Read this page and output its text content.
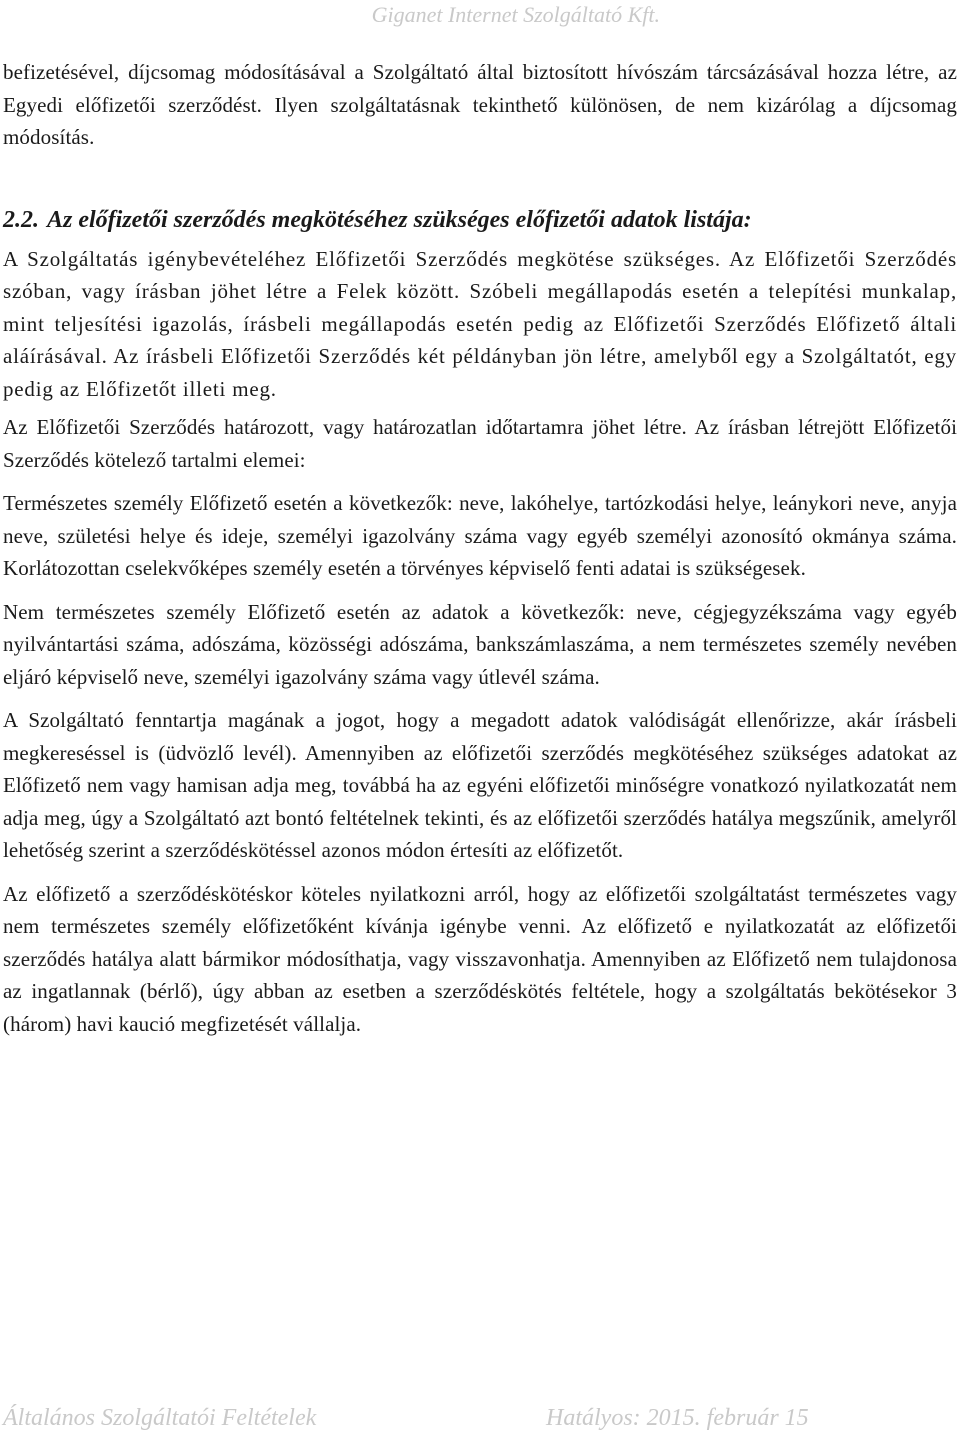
Giganet Internet Szolgáltató Kft.

befizetésével, díjcsomag módosításával a Szolgáltató által biztosított hívószám tárcsázásával hozza létre, az Egyedi előfizetői szerződést. Ilyen szolgáltatásnak tekinthető különösen, de nem kizárólag a díjcsomag módosítás.

2.2. Az előfizetői szerződés megkötéséhez szükséges előfizetői adatok listája:

A Szolgáltatás igénybevételéhez Előfizetői Szerződés megkötése szükséges. Az Előfizetői Szerződés szóban, vagy írásban jöhet létre a Felek között. Szóbeli megállapodás esetén a telepítési munkalap, mint teljesítési igazolás, írásbeli megállapodás esetén pedig az Előfizetői Szerződés Előfizető általi aláírásával. Az írásbeli Előfizetői Szerződés két példányban jön létre, amelyből egy a Szolgáltatót, egy pedig az Előfizetőt illeti meg.

Az Előfizetői Szerződés határozott, vagy határozatlan időtartamra jöhet létre. Az írásban létrejött Előfizetői Szerződés kötelező tartalmi elemei:

Természetes személy Előfizető esetén a következők: neve, lakóhelye, tartózkodási helye, leánykori neve, anyja neve, születési helye és ideje, személyi igazolvány száma vagy egyéb személyi azonosító okmánya száma. Korlátozottan cselekvőképes személy esetén a törvényes képviselő fenti adatai is szükségesek.

Nem természetes személy Előfizető esetén az adatok a következők: neve, cégjegyzékszáma vagy egyéb nyilvántartási száma, adószáma, közösségi adószáma, bankszámlaszáma, a nem természetes személy nevében eljáró képviselő neve, személyi igazolvány száma vagy útlevél száma.

A Szolgáltató fenntartja magának a jogot, hogy a megadott adatok valódiságát ellenőrizze, akár írásbeli megkereséssel is (üdvözlő levél). Amennyiben az előfizetői szerződés megkötéséhez szükséges adatokat az Előfizető nem vagy hamisan adja meg, továbbá ha az egyéni előfizetői minőségre vonatkozó nyilatkozatát nem adja meg, úgy a Szolgáltató azt bontó feltételnek tekinti, és az előfizetői szerződés hatálya megszűnik, amelyről lehetőség szerint a szerződéskötéssel azonos módon értesíti az előfizetőt.

Az előfizető a szerződéskötéskor köteles nyilatkozni arról, hogy az előfizetői szolgáltatást természetes vagy nem természetes személy előfizetőként kívánja igénybe venni. Az előfizető e nyilatkozatát az előfizetői szerződés hatálya alatt bármikor módosíthatja, vagy visszavonhatja. Amennyiben az Előfizető nem tulajdonosa az ingatlannak (bérlő), úgy abban az esetben a szerződéskötés feltétele, hogy a szolgáltatás bekötésekor 3 (három) havi kaució megfizetését vállalja.

Általános Szolgáltatói Feltételek	Hatályos: 2015. február 15
